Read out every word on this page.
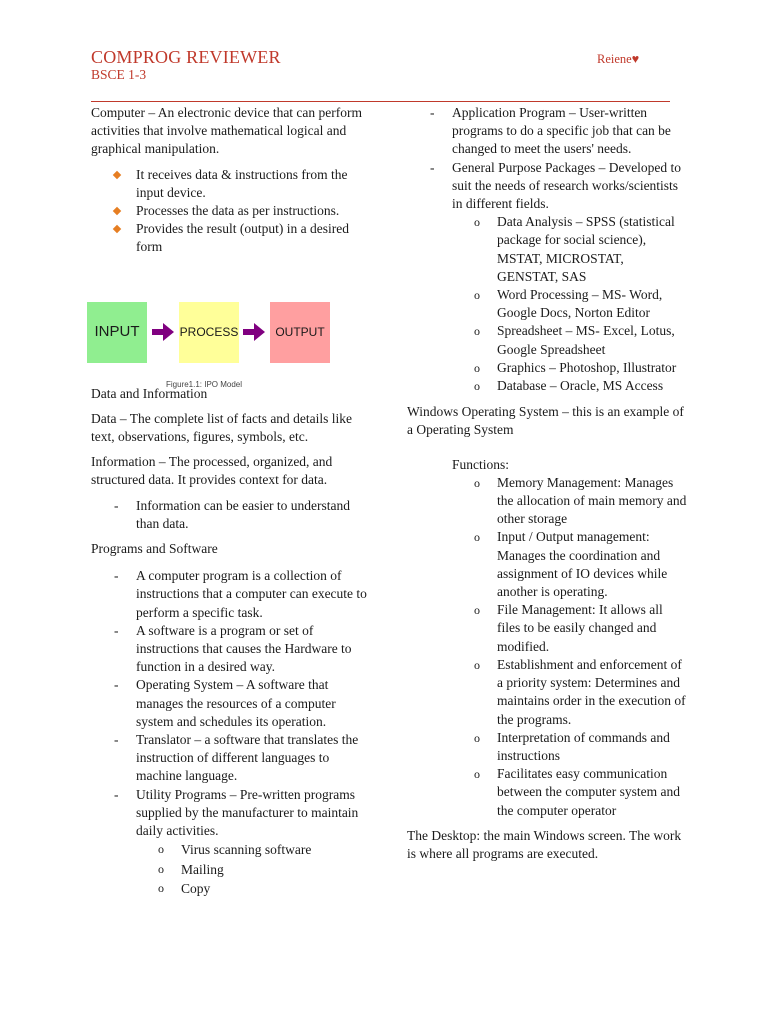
COMPROG REVIEWER
BSCE 1-3
Reiene♥

Computer – An electronic device that can perform activities that involve mathematical logical and graphical manipulation.

It receives data & instructions from the input device.
Processes the data as per instructions.
Provides the result (output) in a desired form
INPUT	PROCESS	OUTPUT
Figure1.1: IPO Model

Data and Information

Data – The complete list of facts and details like text, observations, figures, symbols, etc.

Information – The processed, organized, and structured data. It provides context for data.

- Information can be easier to understand than data.

Programs and Software

- A computer program is a collection of instructions that a computer can execute to perform a specific task.
- A software is a program or set of instructions that causes the Hardware to function in a desired way.
- Operating System – A software that manages the resources of a computer system and schedules its operation.
- Translator – a software that translates the instruction of different languages to machine language.
- Utility Programs – Pre-written programs supplied by the manufacturer to maintain daily activities.
o Virus scanning software
o Mailing
o Copy
- Application Program – User-written programs to do a specific job that can be changed to meet the users' needs.
- General Purpose Packages – Developed to suit the needs of research works/scientists in different fields.
o Data Analysis – SPSS (statistical package for social science),
MSTAT, MICROSTAT, GENSTAT, SAS
o Word Processing – MS- Word, Google Docs, Norton Editor
o Spreadsheet – MS- Excel, Lotus, Google Spreadsheet
o Graphics – Photoshop, Illustrator
o Database – Oracle, MS Access

Windows Operating System – this is an example of a Operating System

Functions:
o Memory Management: Manages the allocation of main memory and other storage
o Input / Output management: Manages the coordination and assignment of IO devices while another is operating.
o File Management: It allows all files to be easily changed and modified.
o Establishment and enforcement of a priority system: Determines and maintains order in the execution of the programs.
o Interpretation of commands and instructions
o Facilitates easy communication between the computer system and the computer operator

The Desktop: the main Windows screen. The work is where all programs are executed.
